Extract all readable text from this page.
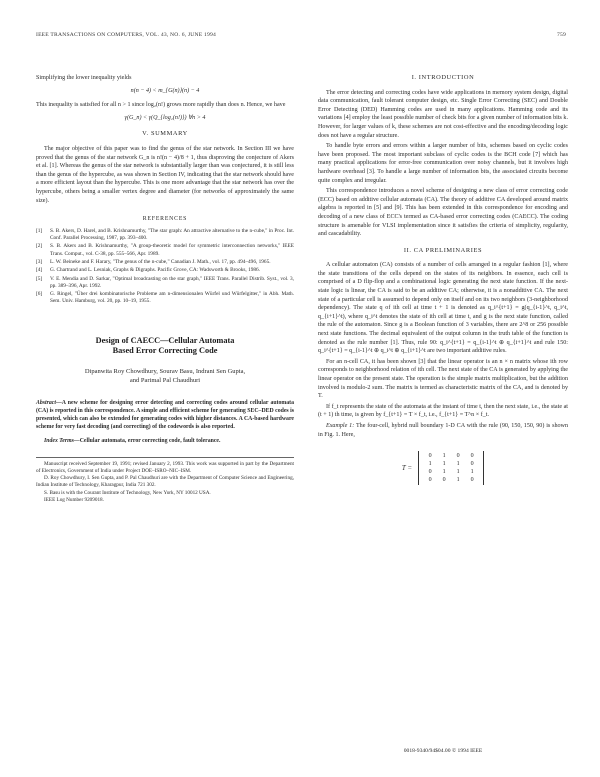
IEEE TRANSACTIONS ON COMPUTERS, VOL. 43, NO. 6, JUNE 1994	759

Simplifying the lower inequality yields

n(n − 4) < m_{G(n)}(n) − 4

This inequality is satisfied for all n > 1 since log₂(n!) grows more rapidly than does n. Hence, we have

γ(G_n) < γ(Q_{log₂(n!)}) ∀n > 4
V. SUMMARY

The major objective of this paper was to find the genus of the star network. In Section III we have proved that the genus of the star network G_n is n!(n − 4)/8 + 1, thus disproving the conjecture of Akers et al. [1]. Whereas the genus of the star network is substantially larger than was conjectured, it is still less than the genus of the hypercube, as was shown in Section IV, indicating that the star network should have a more efficient layout than the hypercube. This is one more advantage that the star network has over the hypercube, others being a smaller vertex degree and diameter (for networks of approximately the same size).

REFERENCES
[1]	S. B. Akers, D. Harel, and B. Krishnamurthy, "The star graph: An attractive alternative to the n-cube," in Proc. Int. Conf. Parallel Processing, 1987, pp. 393–400.
[2]	S. B. Akers and B. Krishnamurthy, "A group-theoretic model for symmetric interconnection networks," IEEE Trans. Comput., vol. C-38, pp. 555–566, Apr. 1989.
[3]	L. W. Beineke and F. Harary, "The genus of the n-cube," Canadian J. Math., vol. 17, pp. 494–496, 1965.
[4]	G. Chartrand and L. Lesniak, Graphs & Digraphs. Pacific Grove, CA: Wadsworth & Brooks, 1986.
[5]	V. E. Mendia and D. Sarkar, "Optimal broadcasting on the star graph," IEEE Trans. Parallel Distrib. Syst., vol. 3, pp. 389–396, Apr. 1992.
[6]	G. Ringel, "Über drei kombinatorische Probleme am n-dimensionalen Würfel und Würfelgitter," in Abh. Math. Sem. Univ. Hamburg, vol. 20, pp. 10–19, 1955.
Design of CAECC—Cellular Automata
Based Error Correcting Code
Dipanwita Roy Chowdhury, Sourav Basu, Indrani Sen Gupta,
and Parimal Pal Chaudhuri
Abstract—A new scheme for designing error detecting and correcting codes around cellular automata (CA) is reported in this correspondence. A simple and efficient scheme for generating SEC–DED codes is presented, which can also be extended for generating codes with higher distances. A CA-based hardware scheme for very fast decoding (and correcting) of the codewords is also reported.
Index Terms—Cellular automata, error correcting code, fault tolerance.
Manuscript received September 19, 1991; revised January 2, 1993. This work was supported in part by the Department of Electronics, Government of India under Project DOE–ISRO–NIC–ISM.
D. Roy Chowdhury, I. Sen Gupta, and P. Pal Chaudhuri are with the Department of Computer Science and Engineering, Indian Institute of Technology, Kharagpur, India 721 302.
S. Basu is with the Courant Institute of Technology, New York, NY 10012 USA.
IEEE Log Number 9209018.
I. INTRODUCTION

The error detecting and correcting codes have wide applications in memory system design, digital data communication, fault tolerant computer design, etc. Single Error Correcting (SEC) and Double Error Detecting (DED) Hamming codes are used in many applications. Hamming code and its variations [4] employ the least possible number of check bits for a given number of information bits k. However, for larger values of k, these schemes are not cost-effective and the encoding/decoding logic does not have a regular structure.

To handle byte errors and errors within a larger number of bits, schemes based on cyclic codes have been proposed. The most important subclass of cyclic codes is the BCH code [7] which has many practical applications for error-free communication over noisy channels, but it involves high hardware overhead [3]. To handle a large number of information bits, the associated circuits become quite complex and irregular.

This correspondence introduces a novel scheme of designing a new class of error correcting code (ECC) based on additive cellular automata (CA). The theory of additive CA developed around matrix algebra is reported in [5] and [9]. This has been extended in this correspondence for encoding and decoding of a new class of ECC's termed as CA-based error correcting codes (CAECC). The coding structure is amenable for VLSI implementation since it satisfies the criteria of simplicity, regularity, and cascadability.

II. CA PRELIMINARIES

A cellular automaton (CA) consists of a number of cells arranged in a regular fashion [1], where the state transitions of the cells depend on the states of its neighbors. In essence, each cell is comprised of a D flip-flop and a combinational logic generating the next state function. If the next-state logic is linear, the CA is said to be an additive CA; otherwise, it is a nonadditive CA. The next state of a particular cell is assumed to depend only on itself and on its two neighbors (3-neighborhood dependency). The state q of ith cell at time t + 1 is denoted as q_i^{t+1} = g(q_{i-1}^t, q_i^t, q_{i+1}^t), where q_i^t denotes the state of ith cell at time t, and g is the next state function, called the rule of the automaton. Since g is a Boolean function of 3 variables, there are 2^8 or 256 possible next state functions. The decimal equivalent of the output column in the truth table of the function is denoted as the rule number [1]. Thus, rule 90: q_i^{t+1} = q_{i-1}^t ⊕ q_{i+1}^t and rule 150: q_i^{t+1} = q_{i-1}^t ⊕ q_i^t ⊕ q_{i+1}^t are two important additive rules.

For an n-cell CA, it has been shown [3] that the linear operator is an n × n matrix whose ith row corresponds to neighborhood relation of ith cell. The next state of the CA is generated by applying the linear operator on the present state. The operation is the simple matrix multiplication, but the addition involved is modulo-2 sum. The matrix is termed as characteristic matrix of the CA, and is denoted by T.

If f_t represents the state of the automata at the instant of time t, then the next state, i.e., the state at (t + 1) th time, is given by f_{t+1} = T × f_t, i.e., f_{t+1} = T^n × f_t.

Example 1: The four-cell, hybrid null boundary 1-D CA with the rule (90, 150, 150, 90) is shown in Fig. 1. Here,

T =
0	1	0	0
1	1	1	0
0	1	1	1
0	0	1	0
0018-9340/94$04.00 © 1994 IEEE
